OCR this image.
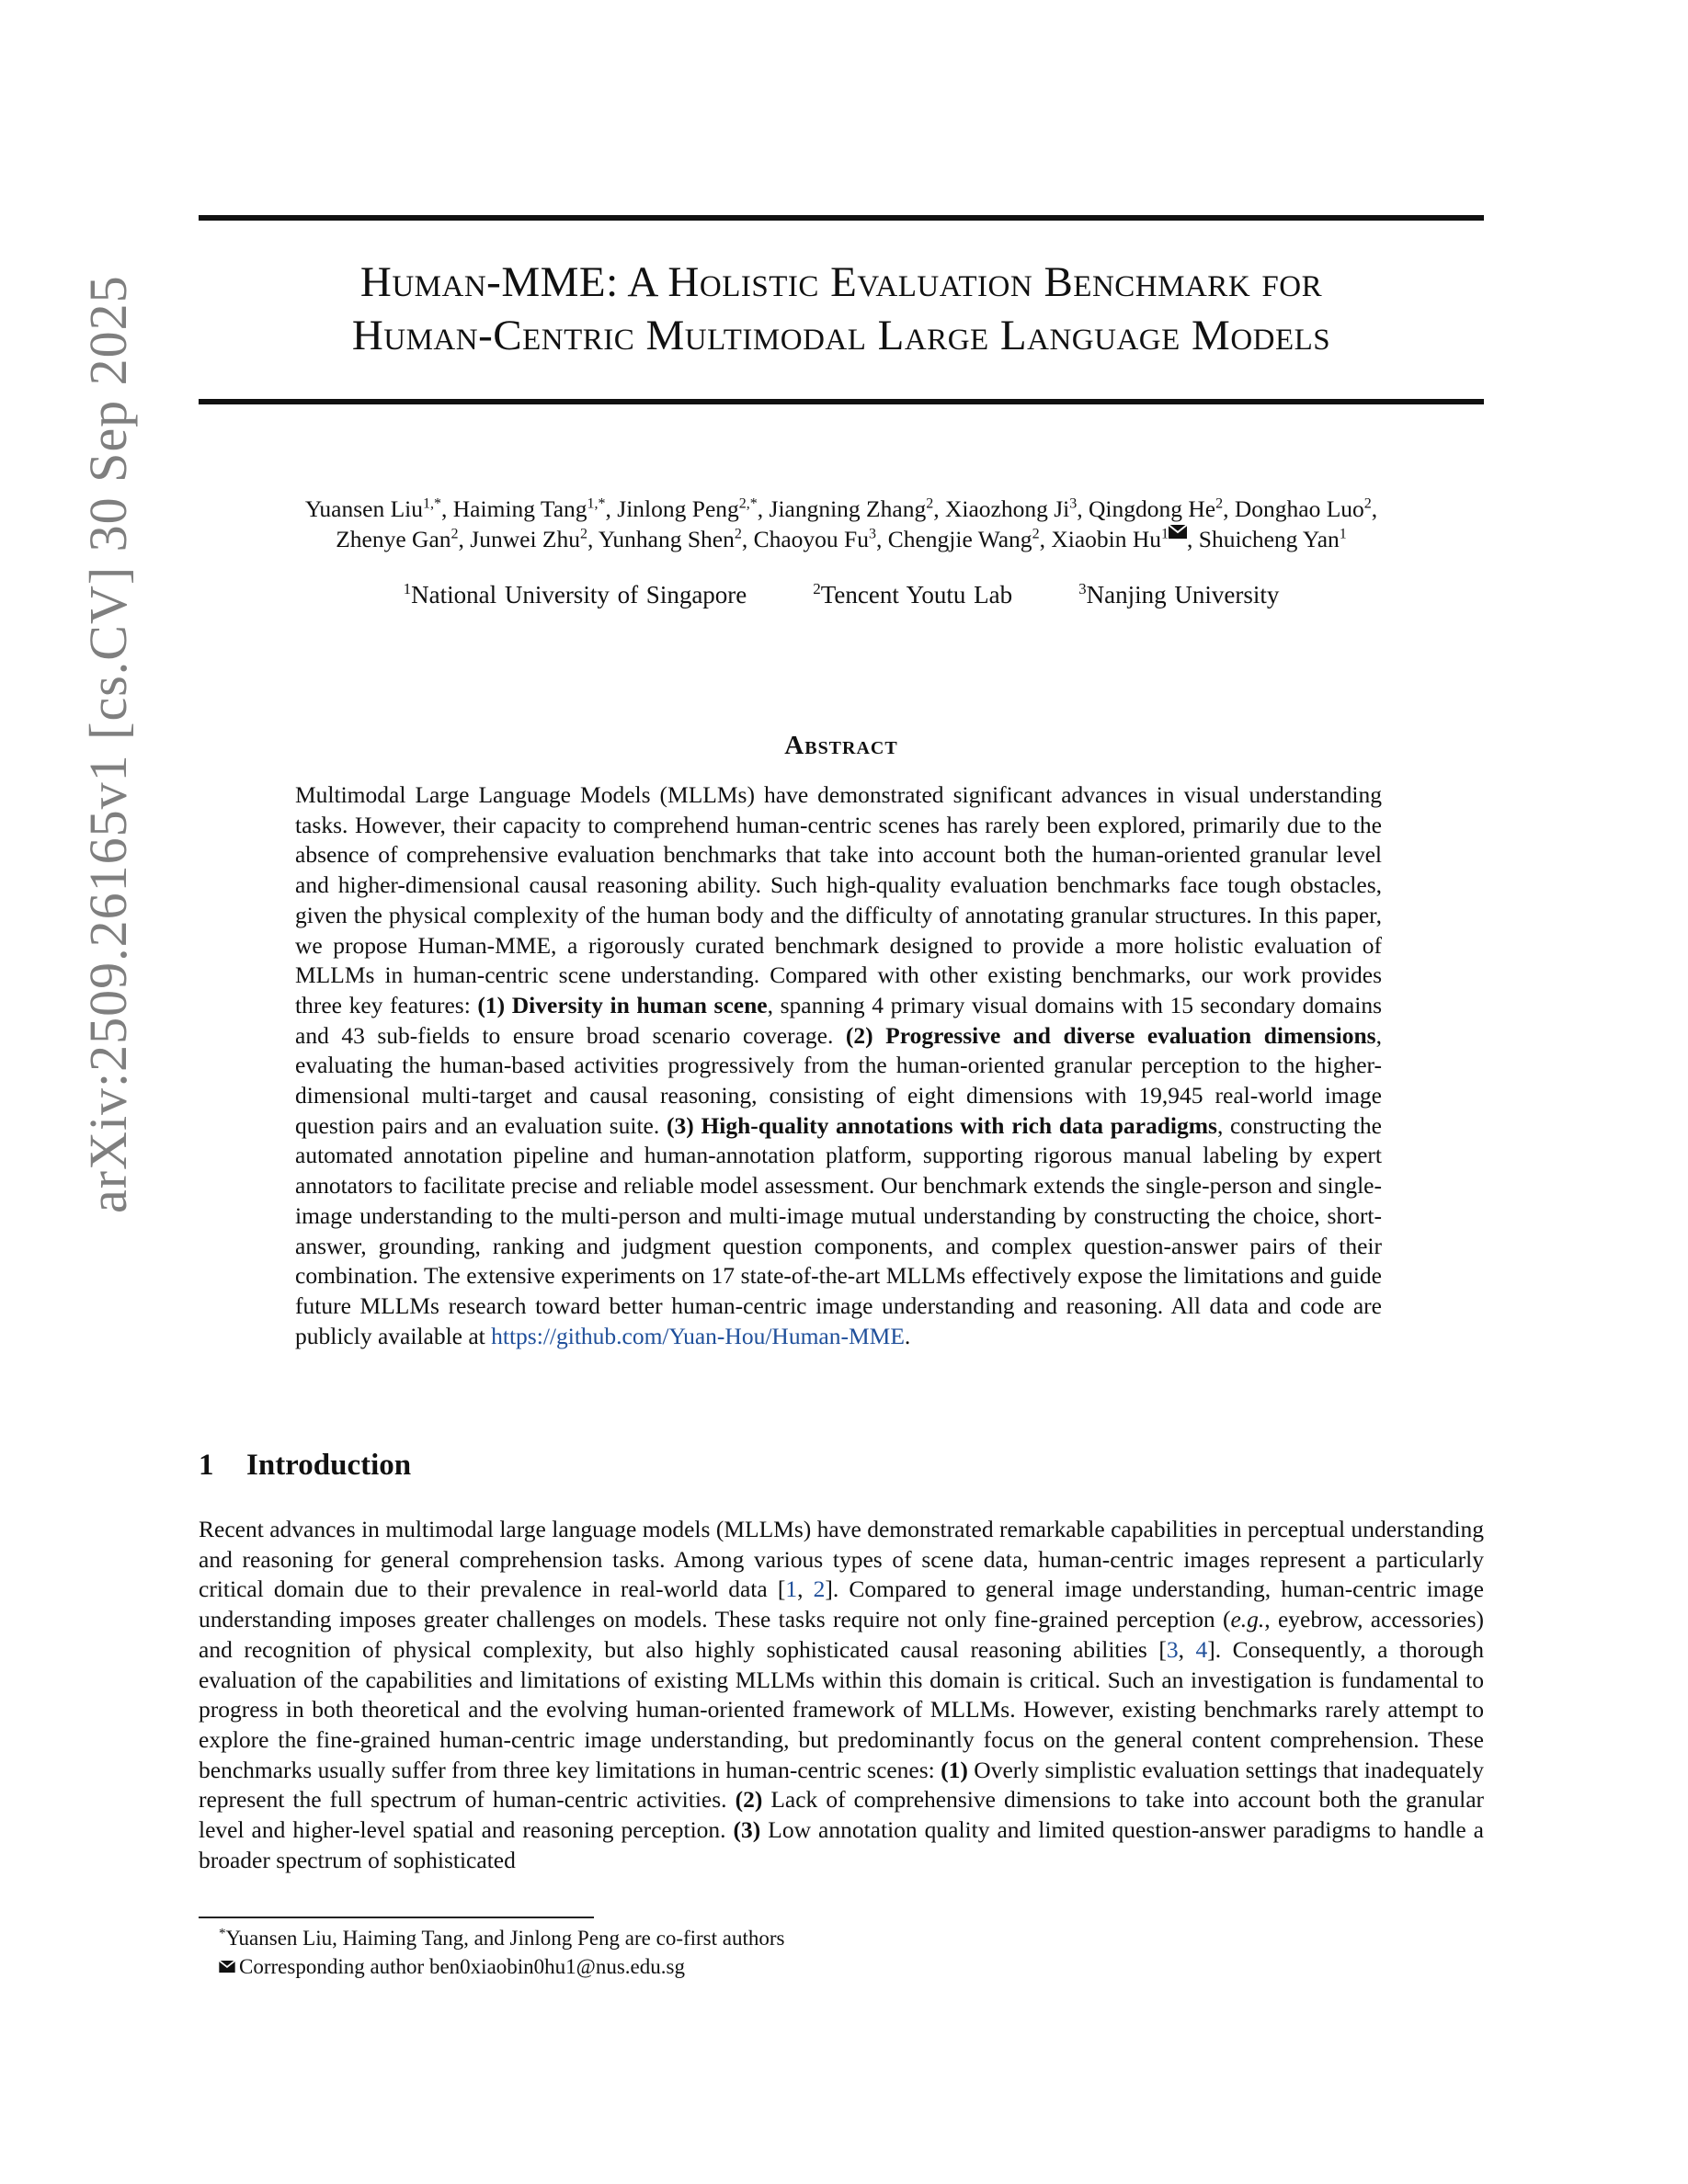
arXiv:2509.26165v1 [cs.CV] 30 Sep 2025	Human-MME: A Holistic Evaluation Benchmark for
Human-Centric Multimodal Large Language Models
Yuansen Liu$^{1,*}$, Haiming Tang$^{1,*}$, Jinlong Peng$^{2,*}$, Jiangning Zhang$^2$, Xiaozhong Ji$^3$, Qingdong He$^2$, Donghao Luo$^2$,
Zhenye Gan$^2$, Junwei Zhu$^2$, Yunhang Shen$^2$, Chaoyou Fu$^3$, Chengjie Wang$^2$, Xiaobin Hu$^1$ , Shuicheng Yan$^1$
$^1$National University of Singapore	$^2$Tencent Youtu Lab	$^3$Nanjing University
Abstract

Multimodal Large Language Models (MLLMs) have demonstrated significant advances in visual understanding tasks. However, their capacity to comprehend human-centric scenes has rarely been explored, primarily due to the absence of comprehensive evaluation benchmarks that take into account both the human-oriented granular level and higher-dimensional causal reasoning ability. Such high-quality evaluation benchmarks face tough obstacles, given the physical complexity of the human body and the difficulty of annotating granular structures. In this paper, we propose Human-MME, a rigorously curated benchmark designed to provide a more holistic evaluation of MLLMs in human-centric scene understanding. Compared with other existing benchmarks, our work provides three key features: (1) Diversity in human scene, spanning 4 primary visual domains with 15 secondary domains and 43 sub-fields to ensure broad scenario coverage. (2) Progressive and diverse evaluation dimensions, evaluating the human-based activities progressively from the human-oriented granular perception to the higher-dimensional multi-target and causal reasoning, consisting of eight dimensions with 19,945 real-world image question pairs and an evaluation suite. (3) High-quality annotations with rich data paradigms, constructing the automated annotation pipeline and human-annotation platform, supporting rigorous manual labeling by expert annotators to facilitate precise and reliable model assessment. Our benchmark extends the single-person and single-image understanding to the multi-person and multi-image mutual understanding by constructing the choice, short-answer, grounding, ranking and judgment question components, and complex question-answer pairs of their combination. The extensive experiments on 17 state-of-the-art MLLMs effectively expose the limitations and guide future MLLMs research toward better human-centric image understanding and reasoning. All data and code are publicly available at https://github.com/Yuan-Hou/Human-MME.

1 Introduction

Recent advances in multimodal large language models (MLLMs) have demonstrated remarkable capabilities in perceptual understanding and reasoning for general comprehension tasks. Among various types of scene data, human-centric images represent a particularly critical domain due to their prevalence in real-world data [1, 2]. Compared to general image understanding, human-centric image understanding imposes greater challenges on models. These tasks require not only fine-grained perception (e.g., eyebrow, accessories) and recognition of physical complexity, but also highly sophisticated causal reasoning abilities [3, 4]. Consequently, a thorough evaluation of the capabilities and limitations of existing MLLMs within this domain is critical. Such an investigation is fundamental to progress in both theoretical and the evolving human-oriented framework of MLLMs. However, existing benchmarks rarely attempt to explore the fine-grained human-centric image understanding, but predominantly focus on the general content comprehension. These benchmarks usually suffer from three key limitations in human-centric scenes: (1) Overly simplistic evaluation settings that inadequately represent the full spectrum of human-centric activities. (2) Lack of comprehensive dimensions to take into account both the granular level and higher-level spatial and reasoning perception. (3) Low annotation quality and limited question-answer paradigms to handle a broader spectrum of sophisticated

*Yuansen Liu, Haiming Tang, and Jinlong Peng are co-first authors
Corresponding author ben0xiaobin0hu1@nus.edu.sg
